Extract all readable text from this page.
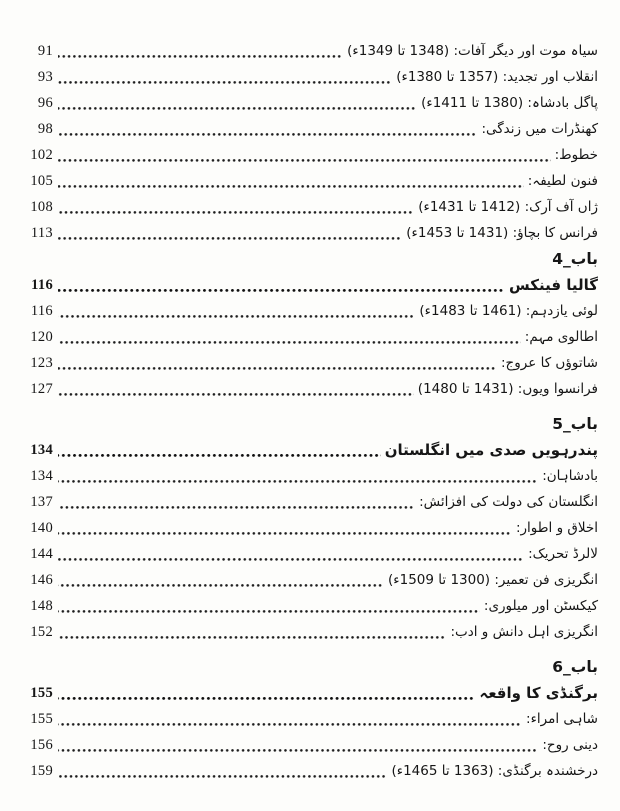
سیاہ موت اور دیگر آفات: (1348 تا 1349ء)
91
انقلاب اور تجدید: (1357 تا 1380ء)
93
پاگل بادشاہ: (1380 تا 1411ء)
96
کھنڈرات میں زندگی:
98
خطوط:
102
فنون لطیفہ:
105
ژاں آف آرک: (1412 تا 1431ء)
108
فرانس کا بچاؤ: (1431 تا 1453ء)
113
باب_4
گالیا فینکس
116
لوئی یازدہم: (1461 تا 1483ء)
116
اطالوی مہم:
120
شاتوؤں کا عروج:
123
فرانسوا ویوں: (1431 تا 1480)
127
باب_5
پندرہویں صدی میں انگلستان
134
بادشاہان:
134
انگلستان کی دولت کی افزائش:
137
اخلاق و اطوار:
140
لالرڈ تحریک:
144
انگریزی فن تعمیر: (1300 تا 1509ء)
146
کیکسٹن اور میلوری:
148
انگریزی اہل دانش و ادب:
152
باب_6
برگنڈی کا واقعہ
155
شاہی امراء:
155
دینی روح:
156
درخشندہ برگنڈی: (1363 تا 1465ء)
159
